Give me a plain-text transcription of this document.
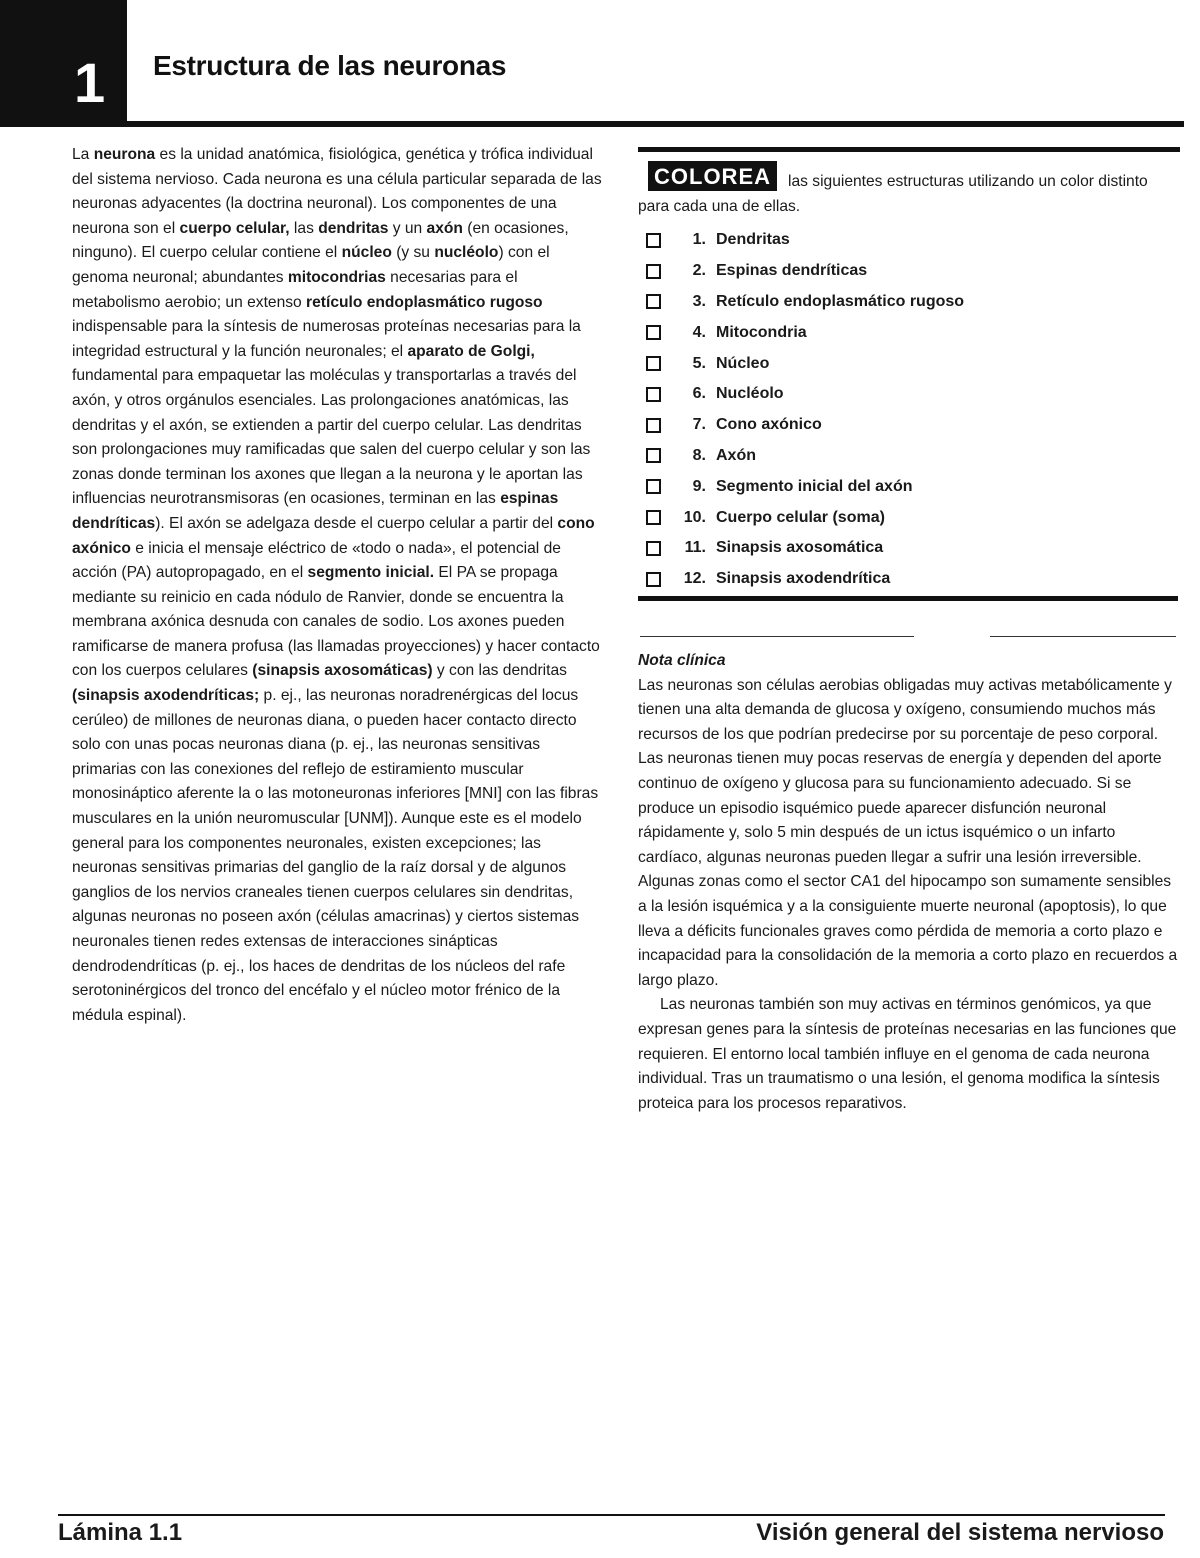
1 Estructura de las neuronas

La neurona es la unidad anatómica, fisiológica, genética y trófica individual del sistema nervioso. Cada neurona es una célula particular separada de las neuronas adyacentes (la doctrina neuronal). Los componentes de una neurona son el cuerpo celular, las dendritas y un axón (en ocasiones, ninguno). El cuerpo celular contiene el núcleo (y su nucléolo) con el genoma neuronal; abundantes mitocondrias necesarias para el metabolismo aerobio; un extenso retículo endoplasmático rugoso indispensable para la síntesis de numerosas proteínas necesarias para la integridad estructural y la función neuronales; el aparato de Golgi, fundamental para empaquetar las moléculas y transportarlas a través del axón, y otros orgánulos esenciales. Las prolongaciones anatómicas, las dendritas y el axón, se extienden a partir del cuerpo celular. Las dendritas son prolongaciones muy ramificadas que salen del cuerpo celular y son las zonas donde terminan los axones que llegan a la neurona y le aportan las influencias neurotransmisoras (en ocasiones, terminan en las espinas dendríticas). El axón se adelgaza desde el cuerpo celular a partir del cono axónico e inicia el mensaje eléctrico de «todo o nada», el potencial de acción (PA) autopropagado, en el segmento inicial. El PA se propaga mediante su reinicio en cada nódulo de Ranvier, donde se encuentra la membrana axónica desnuda con canales de sodio. Los axones pueden ramificarse de manera profusa (las llamadas proyecciones) y hacer contacto con los cuerpos celulares (sinapsis axosomáticas) y con las dendritas (sinapsis axodendríticas; p. ej., las neuronas noradrenérgicas del locus cerúleo) de millones de neuronas diana, o pueden hacer contacto directo solo con unas pocas neuronas diana (p. ej., las neuronas sensitivas primarias con las conexiones del reflejo de estiramiento muscular monosináptico aferente la o las motoneuronas inferiores [MNI] con las fibras musculares en la unión neuromuscular [UNM]). Aunque este es el modelo general para los componentes neuronales, existen excepciones; las neuronas sensitivas primarias del ganglio de la raíz dorsal y de algunos ganglios de los nervios craneales tienen cuerpos celulares sin dendritas, algunas neuronas no poseen axón (células amacrinas) y ciertos sistemas neuronales tienen redes extensas de interacciones sinápticas dendrodendríticas (p. ej., los haces de dendritas de los núcleos del rafe serotoninérgicos del tronco del encéfalo y el núcleo motor frénico de la médula espinal).

las siguientes estructuras utilizando un color distinto para cada una de ellas.
COLOREA
1. Dendritas
2. Espinas dendríticas
3. Retículo endoplasmático rugoso
4. Mitocondria
5. Núcleo
6. Nucléolo
7. Cono axónico
8. Axón
9. Segmento inicial del axón
10. Cuerpo celular (soma)
11. Sinapsis axosomática
12. Sinapsis axodendrítica

Nota clínica

Las neuronas son células aerobias obligadas muy activas metabólicamente y tienen una alta demanda de glucosa y oxígeno, consumiendo muchos más recursos de los que podrían predecirse por su porcentaje de peso corporal. Las neuronas tienen muy pocas reservas de energía y dependen del aporte continuo de oxígeno y glucosa para su funcionamiento adecuado. Si se produce un episodio isquémico puede aparecer disfunción neuronal rápidamente y, solo 5 min después de un ictus isquémico o un infarto cardíaco, algunas neuronas pueden llegar a sufrir una lesión irreversible. Algunas zonas como el sector CA1 del hipocampo son sumamente sensibles a la lesión isquémica y a la consiguiente muerte neuronal (apoptosis), lo que lleva a déficits funcionales graves como pérdida de memoria a corto plazo e incapacidad para la consolidación de la memoria a corto plazo en recuerdos a largo plazo.

Las neuronas también son muy activas en términos genómicos, ya que expresan genes para la síntesis de proteínas necesarias en las funciones que requieren. El entorno local también influye en el genoma de cada neurona individual. Tras un traumatismo o una lesión, el genoma modifica la síntesis proteica para los procesos reparativos.

Lámina 1.1	Visión general del sistema nervioso
